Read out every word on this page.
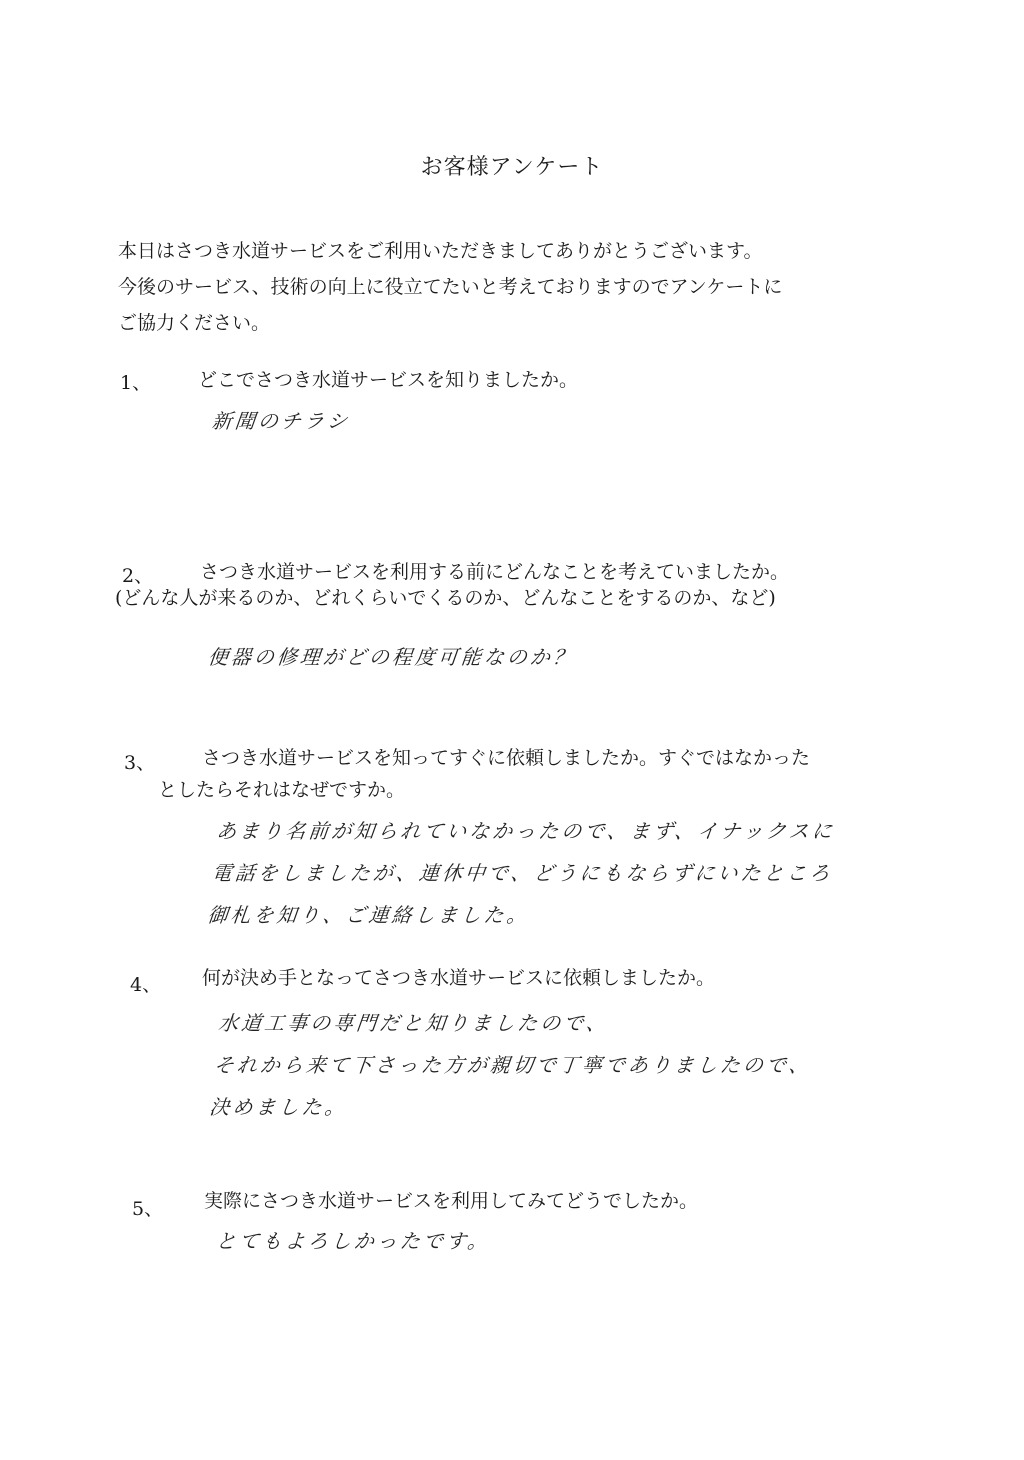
お客様アンケート
本日はさつき水道サービスをご利用いただきましてありがとうございます。
今後のサービス、技術の向上に役立てたいと考えておりますのでアンケートに
ご協力ください。
1、 どこでさつき水道サービスを知りましたか。
新聞のチラシ
2、 さつき水道サービスを利用する前にどんなことを考えていましたか。
(どんな人が来るのか、どれくらいでくるのか、どんなことをするのか、など)
便器の修理がどの程度可能なのか？
3、 さつき水道サービスを知ってすぐに依頼しましたか。すぐではなかった
としたらそれはなぜですか。
あまり名前が知られていなかったので、まず、イナックスに
電話をしましたが、連休中で、どうにもならずにいたところ
御札を知り、ご連絡しました。
4、 何が決め手となってさつき水道サービスに依頼しましたか。
水道工事の専門だと知りましたので、
それから来て下さった方が親切で丁寧でありましたので、
決めました。
5、 実際にさつき水道サービスを利用してみてどうでしたか。
とてもよろしかったです。
